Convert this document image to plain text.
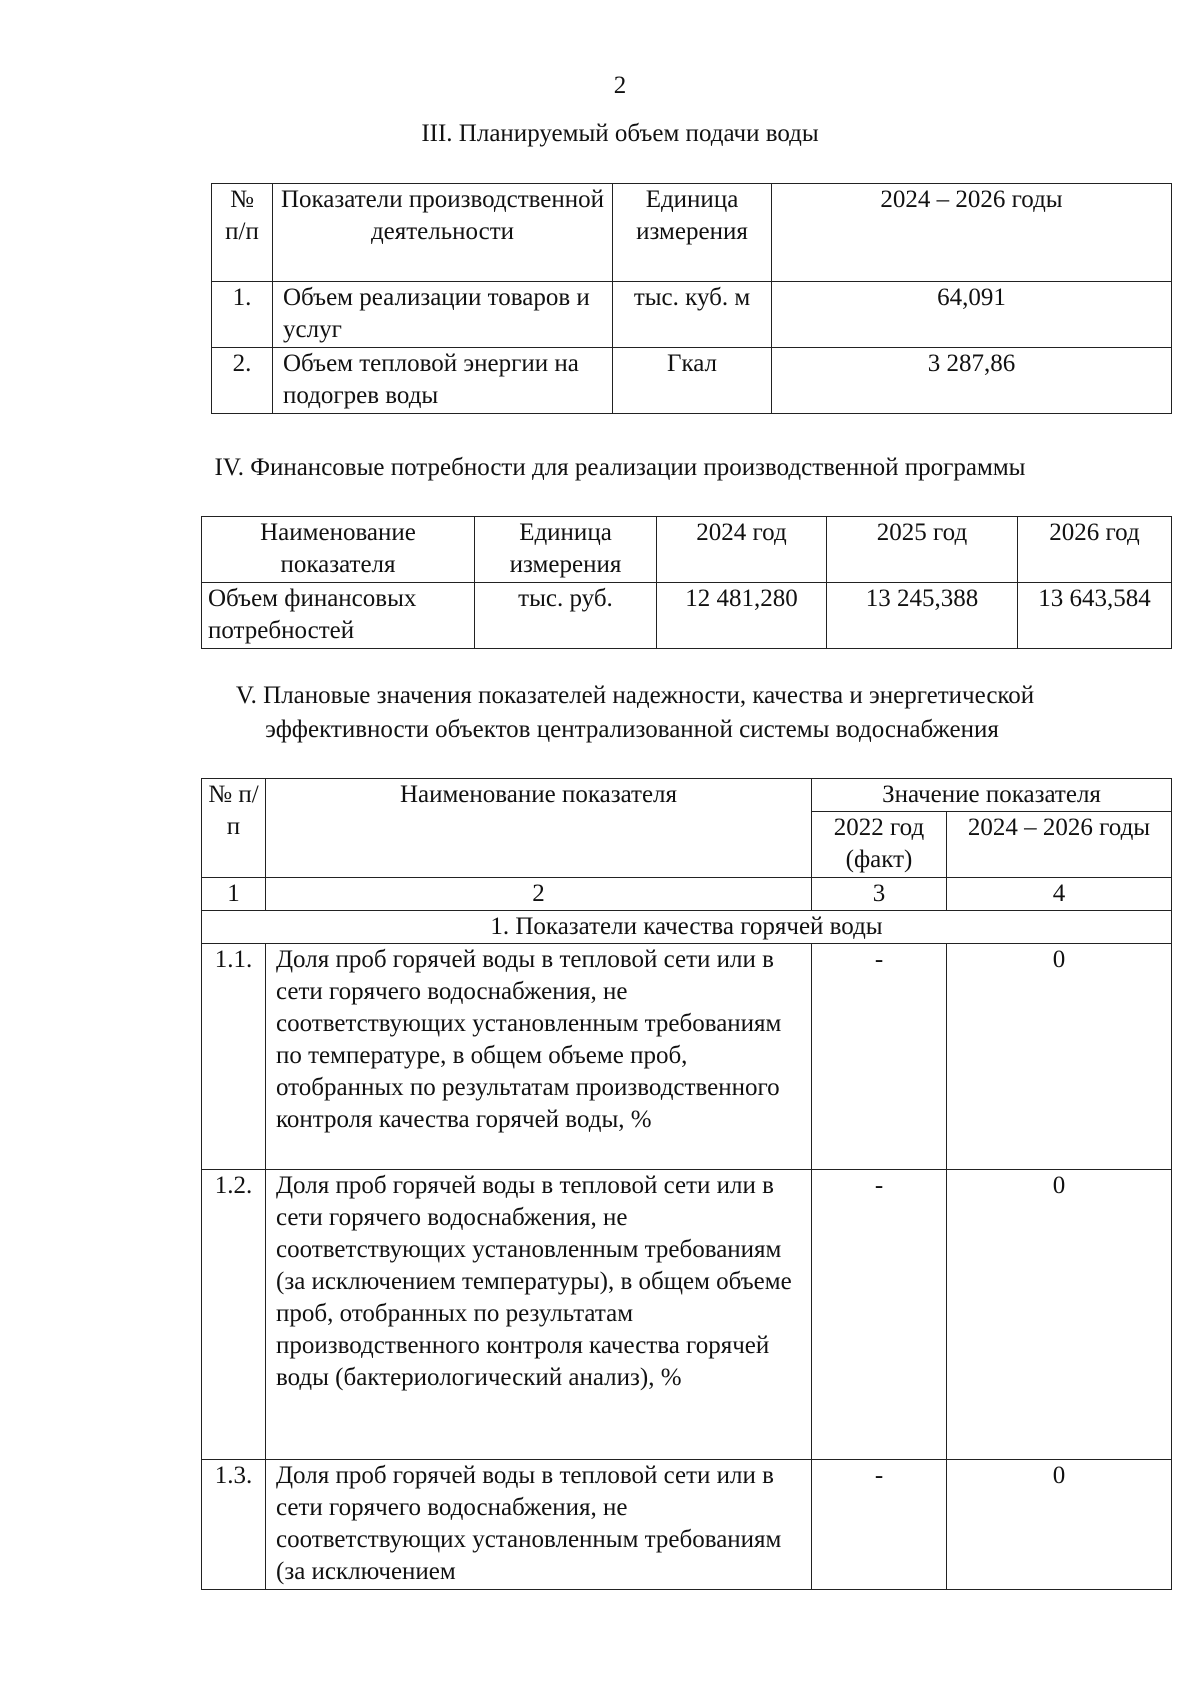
2
III. Планируемый объем подачи воды
№ п/п	Показатели производственной деятельности	Единица измерения	2024 – 2026 годы
1.	Объем реализации товаров и услуг	тыс. куб. м	64,091
2.	Объем тепловой энергии на подогрев воды	Гкал	3 287,86
IV. Финансовые потребности для реализации производственной программы
Наименование показателя	Единица измерения	2024 год	2025 год	2026 год
Объем финансовых потребностей	тыс. руб.	12 481,280	13 245,388	13 643,584
V. Плановые значения показателей надежности, качества и энергетической
эффективности объектов централизованной системы водоснабжения
№ п/п	Наименование показателя	Значение показателя	
		2022 год (факт)	2024 – 2026 годы
1	2	3	4
1. Показатели качества горячей воды			
1.1.	Доля проб горячей воды в тепловой сети или в сети горячего водоснабжения, не соответствующих установленным требованиям по температуре, в общем объеме проб, отобранных по результатам производственного контроля качества горячей воды, %	-	0
1.2.	Доля проб горячей воды в тепловой сети или в сети горячего водоснабжения, не соответствующих установленным требованиям (за исключением температуры), в общем объеме проб, отобранных по результатам производственного контроля качества горячей воды (бактериологический анализ), %	-	0
1.3.	Доля проб горячей воды в тепловой сети или в сети горячего водоснабжения, не соответствующих установленным требованиям (за исключением	-	0
